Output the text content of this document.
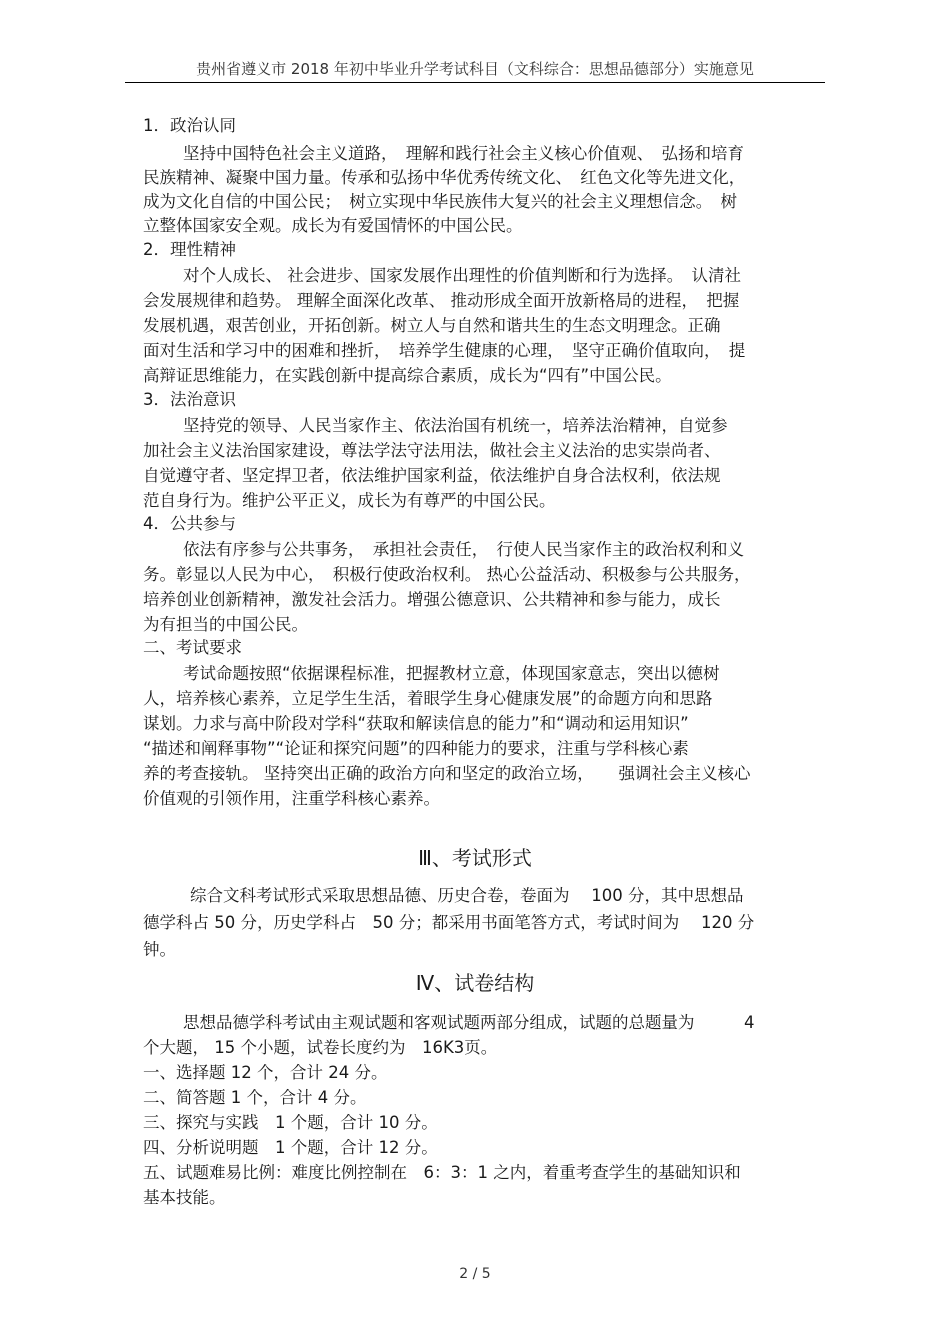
贵州省遵义市 2018 年初中毕业升学考试科目（文科综合：思想品德部分）实施意见
1．政治认同
坚持中国特色社会主义道路，　理解和践行社会主义核心价值观、　弘扬和培育
民族精神、凝聚中国力量。传承和弘扬中华优秀传统文化、　红色文化等先进文化，
成为文化自信的中国公民；　树立实现中华民族伟大复兴的社会主义理想信念。　树
立整体国家安全观。成长为有爱国情怀的中国公民。
2．理性精神
对个人成长、 社会进步、国家发展作出理性的价值判断和行为选择。　认清社
会发展规律和趋势。 理解全面深化改革、 推动形成全面开放新格局的进程，　把握
发展机遇，艰苦创业，开拓创新。树立人与自然和谐共生的生态文明理念。正确
面对生活和学习中的困难和挫折，　培养学生健康的心理，　坚守正确价值取向，　提
高辩证思维能力，在实践创新中提高综合素质，成长为“四有”中国公民。
3．法治意识
坚持党的领导、人民当家作主、依法治国有机统一，培养法治精神，自觉参
加社会主义法治国家建设，尊法学法守法用法，做社会主义法治的忠实崇尚者、
自觉遵守者、坚定捍卫者，依法维护国家利益，依法维护自身合法权利，依法规
范自身行为。维护公平正义，成长为有尊严的中国公民。
4．公共参与
依法有序参与公共事务，　承担社会责任，　行使人民当家作主的政治权利和义
务。彰显以人民为中心，　积极行使政治权利。 热心公益活动、积极参与公共服务，
培养创业创新精神，激发社会活力。增强公德意识、公共精神和参与能力，成长
为有担当的中国公民。
二、考试要求
考试命题按照“依据课程标准，把握教材立意，体现国家意志，突出以德树
人，培养核心素养，立足学生生活，着眼学生身心健康发展”的命题方向和思路
谋划。力求与高中阶段对学科“获取和解读信息的能力”和“调动和运用知识”
“描述和阐释事物”“论证和探究问题”的四种能力的要求，注重与学科核心素
养的考查接轨。 坚持突出正确的政治方向和坚定的政治立场，　　强调社会主义核心
价值观的引领作用，注重学科核心素养。
Ⅲ、考试形式
综合文科考试形式采取思想品德、历史合卷，卷面为　 100 分，其中思想品
德学科占 50 分，历史学科占　50 分；都采用书面笔答方式，考试时间为　 120 分
钟。
Ⅳ、试卷结构
思想品德学科考试由主观试题和客观试题两部分组成，试题的总题量为　　　4
个大题， 15 个小题，试卷长度约为　16K3页。
一、选择题 12 个，合计 24 分。
二、简答题 1 个，合计 4 分。
三、探究与实践　1 个题，合计 10 分。
四、分析说明题　1 个题，合计 12 分。
五、试题难易比例：难度比例控制在　6：3：1 之内，着重考查学生的基础知识和
基本技能。
2 / 5
